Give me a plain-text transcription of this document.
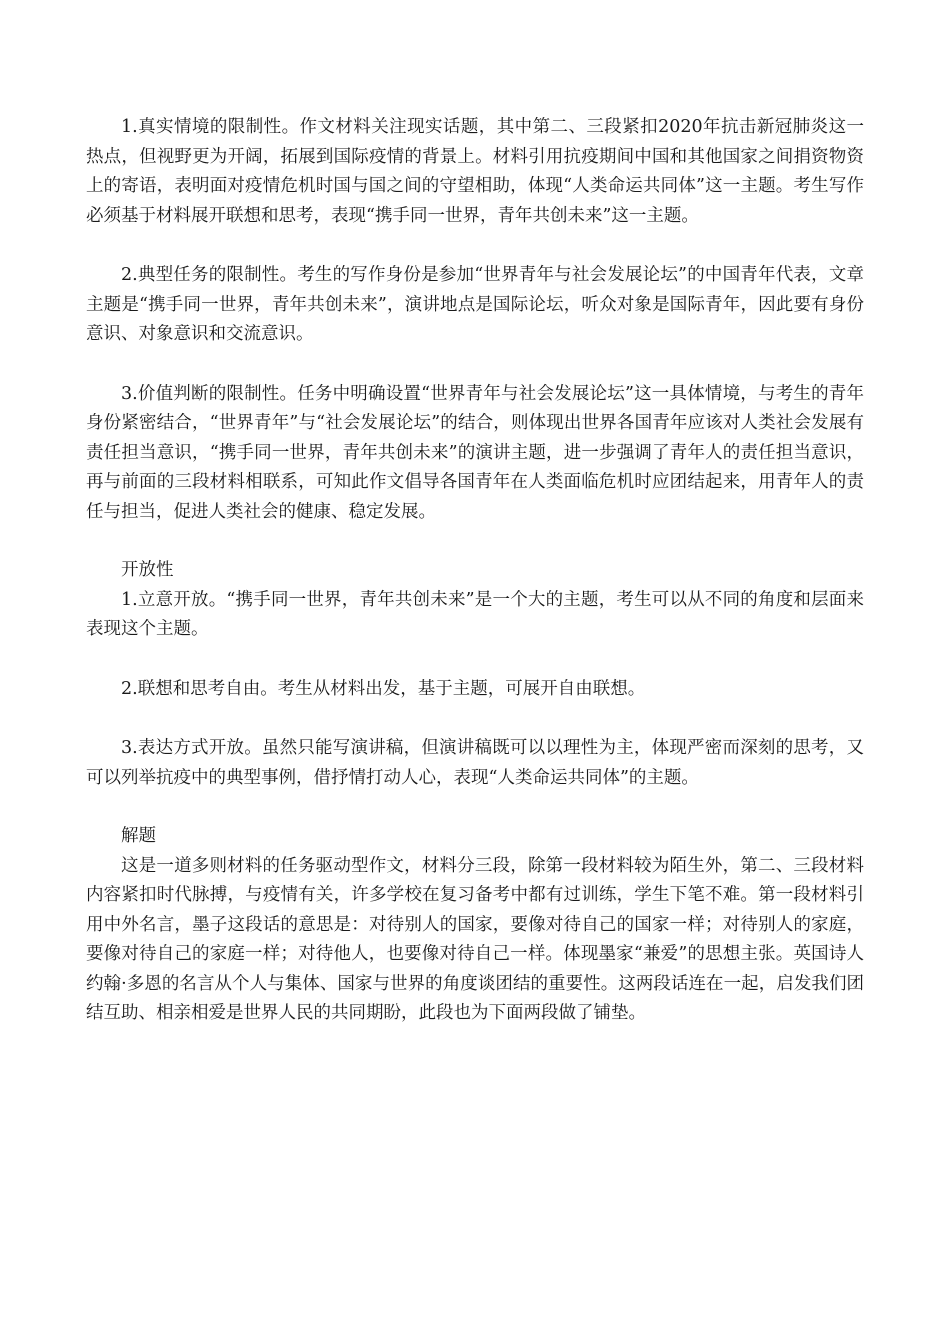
1.真实情境的限制性。作文材料关注现实话题，其中第二、三段紧扣2020年抗击新冠肺炎这一热点，但视野更为开阔，拓展到国际疫情的背景上。材料引用抗疫期间中国和其他国家之间捐资物资上的寄语，表明面对疫情危机时国与国之间的守望相助，体现“人类命运共同体”这一主题。考生写作必须基于材料展开联想和思考，表现“携手同一世界，青年共创未来”这一主题。

2.典型任务的限制性。考生的写作身份是参加“世界青年与社会发展论坛”的中国青年代表，文章主题是“携手同一世界，青年共创未来”，演讲地点是国际论坛，听众对象是国际青年，因此要有身份意识、对象意识和交流意识。

3.价值判断的限制性。任务中明确设置“世界青年与社会发展论坛”这一具体情境，与考生的青年身份紧密结合，“世界青年”与“社会发展论坛”的结合，则体现出世界各国青年应该对人类社会发展有责任担当意识，“携手同一世界，青年共创未来”的演讲主题，进一步强调了青年人的责任担当意识，再与前面的三段材料相联系，可知此作文倡导各国青年在人类面临危机时应团结起来，用青年人的责任与担当，促进人类社会的健康、稳定发展。

开放性

1.立意开放。“携手同一世界，青年共创未来”是一个大的主题，考生可以从不同的角度和层面来表现这个主题。

2.联想和思考自由。考生从材料出发，基于主题，可展开自由联想。

3.表达方式开放。虽然只能写演讲稿，但演讲稿既可以以理性为主，体现严密而深刻的思考，又可以列举抗疫中的典型事例，借抒情打动人心，表现“人类命运共同体”的主题。

解题

这是一道多则材料的任务驱动型作文，材料分三段，除第一段材料较为陌生外，第二、三段材料内容紧扣时代脉搏，与疫情有关，许多学校在复习备考中都有过训练，学生下笔不难。第一段材料引用中外名言，墨子这段话的意思是：对待别人的国家，要像对待自己的国家一样；对待别人的家庭，要像对待自己的家庭一样；对待他人，也要像对待自己一样。体现墨家“兼爱”的思想主张。英国诗人约翰·多恩的名言从个人与集体、国家与世界的角度谈团结的重要性。这两段话连在一起，启发我们团结互助、相亲相爱是世界人民的共同期盼，此段也为下面两段做了铺垫。
